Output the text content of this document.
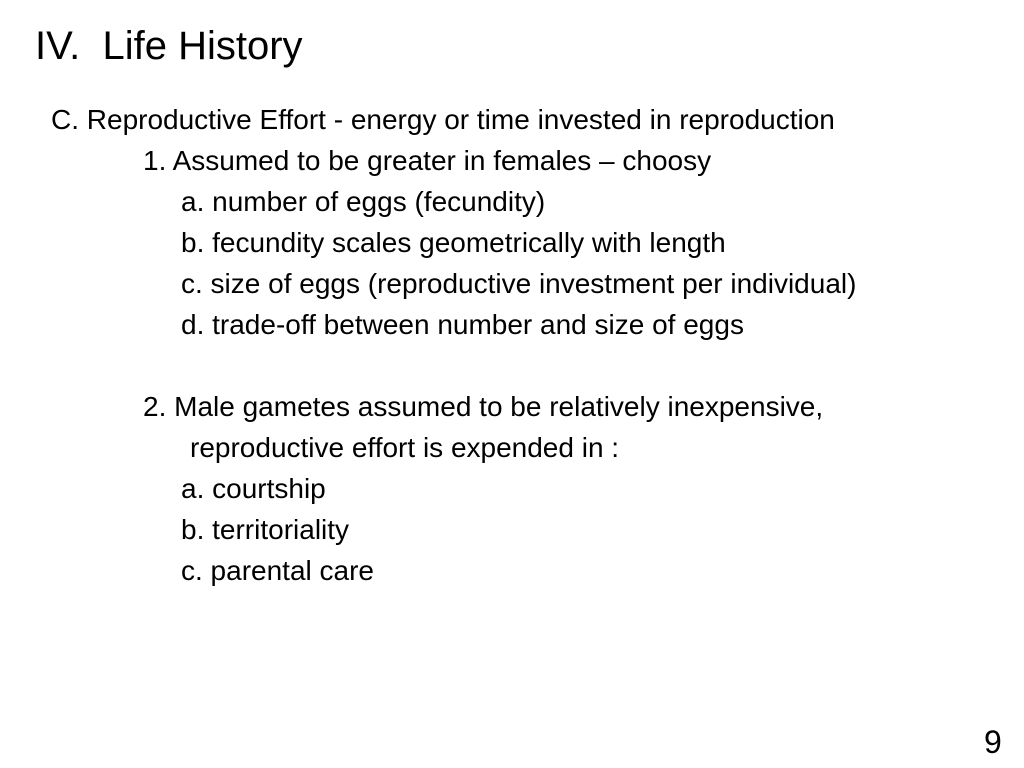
IV.  Life History
C. Reproductive Effort - energy or time invested in reproduction
1. Assumed to be greater in females – choosy
a. number of eggs (fecundity)
b. fecundity scales geometrically with length
c. size of eggs (reproductive investment per individual)
d. trade-off between number and size of eggs
2. Male gametes assumed to be relatively inexpensive,
reproductive effort is expended in :
a. courtship
b. territoriality
c. parental care
9
